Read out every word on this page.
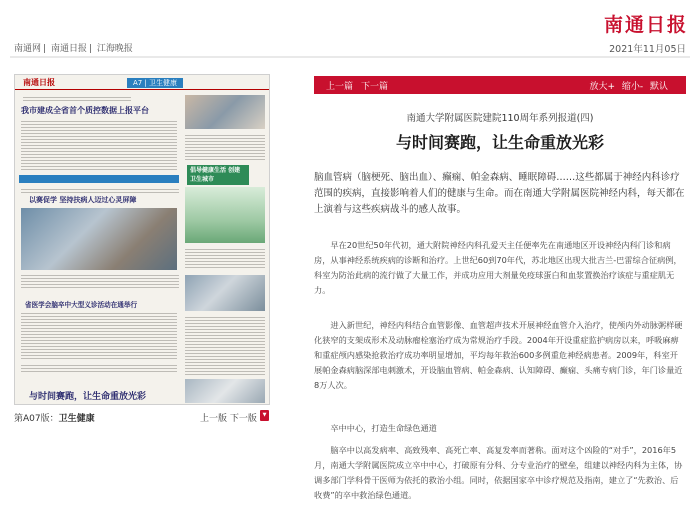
南通日报
南通网 | 南通日报 | 江海晚报	2021年11月05日
南通日报	A7 | 卫生健康
我市建成全省首个质控数据上报平台
以赛促学 坚持扶病人迈过心灵屏障
省医学会脑卒中大型义诊活动在通举行
与时间赛跑，让生命重放光彩
倡导健康生活 创建卫生城市
第A07版：卫生健康	上一版 下一版	▼
上一篇 下一篇	放大+ 缩小- 默认
南通大学附属医院建院110周年系列报道(四)
与时间赛跑，让生命重放光彩
脑血管病（脑梗死、脑出血）、癫痫、帕金森病、睡眠障碍……这些都属于神经内科诊疗范围的疾病，直接影响着人们的健康与生命。而在南通大学附属医院神经内科，每天都在上演着与这些疾病战斗的感人故事。
早在20世纪50年代初，通大附院神经内科孔爱天主任便率先在南通地区开设神经内科门诊和病房，从事神经系统疾病的诊断和治疗。上世纪60到70年代，苏北地区出现大批吉兰-巴雷综合征病例，科室为防治此病的流行做了大量工作，并成功应用大剂量免疫球蛋白和血浆置换治疗该症与重症肌无力。
进入新世纪，神经内科结合血管影像、血管超声技术开展神经血管介入治疗，使颅内外动脉粥样硬化狭窄的支架成形术及动脉瘤栓塞治疗成为常规治疗手段。2004年开设重症监护病房以来，呼吸麻痹和重症颅内感染抢救治疗成功率明显增加，平均每年救治600多例重危神经病患者。2009年，科室开展帕金森病脑深部电刺激术，开设脑血管病、帕金森病、认知障碍、癫痫、头痛专病门诊，年门诊量近8万人次。
卒中中心，打造生命绿色通道
脑卒中以高发病率、高致残率、高死亡率、高复发率而著称。面对这个凶险的“对手”，2016年5月，南通大学附属医院成立卒中中心，打破原有分科、分专业治疗的壁垒，组建以神经内科为主体，协调多部门学科骨干医师为依托的救治小组。同时，依据国家卒中诊疗规范及指南，建立了“先救治、后收费”的卒中救治绿色通道。
